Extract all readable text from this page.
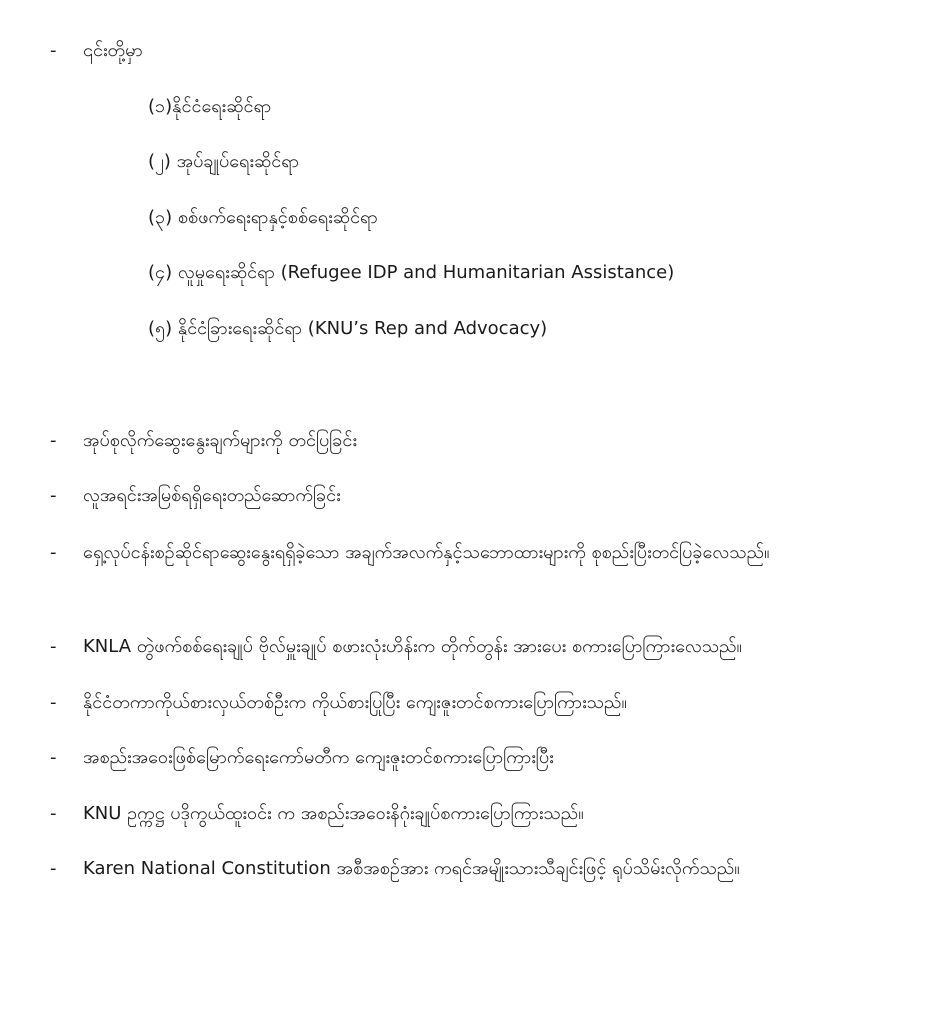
- ၎င်းတို့မှာ
(၁)နိုင်ငံရေးဆိုင်ရာ
(၂) အုပ်ချုပ်ရေးဆိုင်ရာ
(၃) စစ်ဖက်ရေးရာနှင့်စစ်ရေးဆိုင်ရာ
(၄) လူမှုရေးဆိုင်ရာ (Refugee IDP and Humanitarian Assistance)
(၅) နိုင်ငံခြားရေးဆိုင်ရာ (KNU’s Rep and Advocacy)
- အုပ်စုလိုက်ဆွေးနွေးချက်များကို တင်ပြခြင်း
- လူအရင်းအမြစ်ရရှိရေးတည်ဆောက်ခြင်း
- ရှေ့လုပ်ငန်းစဉ်ဆိုင်ရာဆွေးနွေးရရှိခဲ့သော အချက်အလက်နှင့်သဘောထားများကို စုစည်းပြီးတင်ပြခဲ့လေသည်။
- KNLA တွဲဖက်စစ်ရေးချုပ် ဗိုလ်မှူးချုပ် စဖားလုံးဟိန်းက တိုက်တွန်း အားပေး စကားပြောကြားလေသည်။
- နိုင်ငံတကာကိုယ်စားလှယ်တစ်ဦးက ကိုယ်စားပြုပြီး ကျေးဇူးတင်စကားပြောကြားသည်။
- အစည်းအဝေးဖြစ်မြောက်ရေးကော်မတီက ကျေးဇူးတင်စကားပြောကြားပြီး
- KNU ဥက္ကဋ္ဌ ပဒိုကွယ်ထူးဝင်း က အစည်းအဝေးနိဂုံးချုပ်စကားပြောကြားသည်။
- Karen National Constitution အစီအစဉ်အား ကရင်အမျိုးသားသီချင်းဖြင့် ရုပ်သိမ်းလိုက်သည်။
